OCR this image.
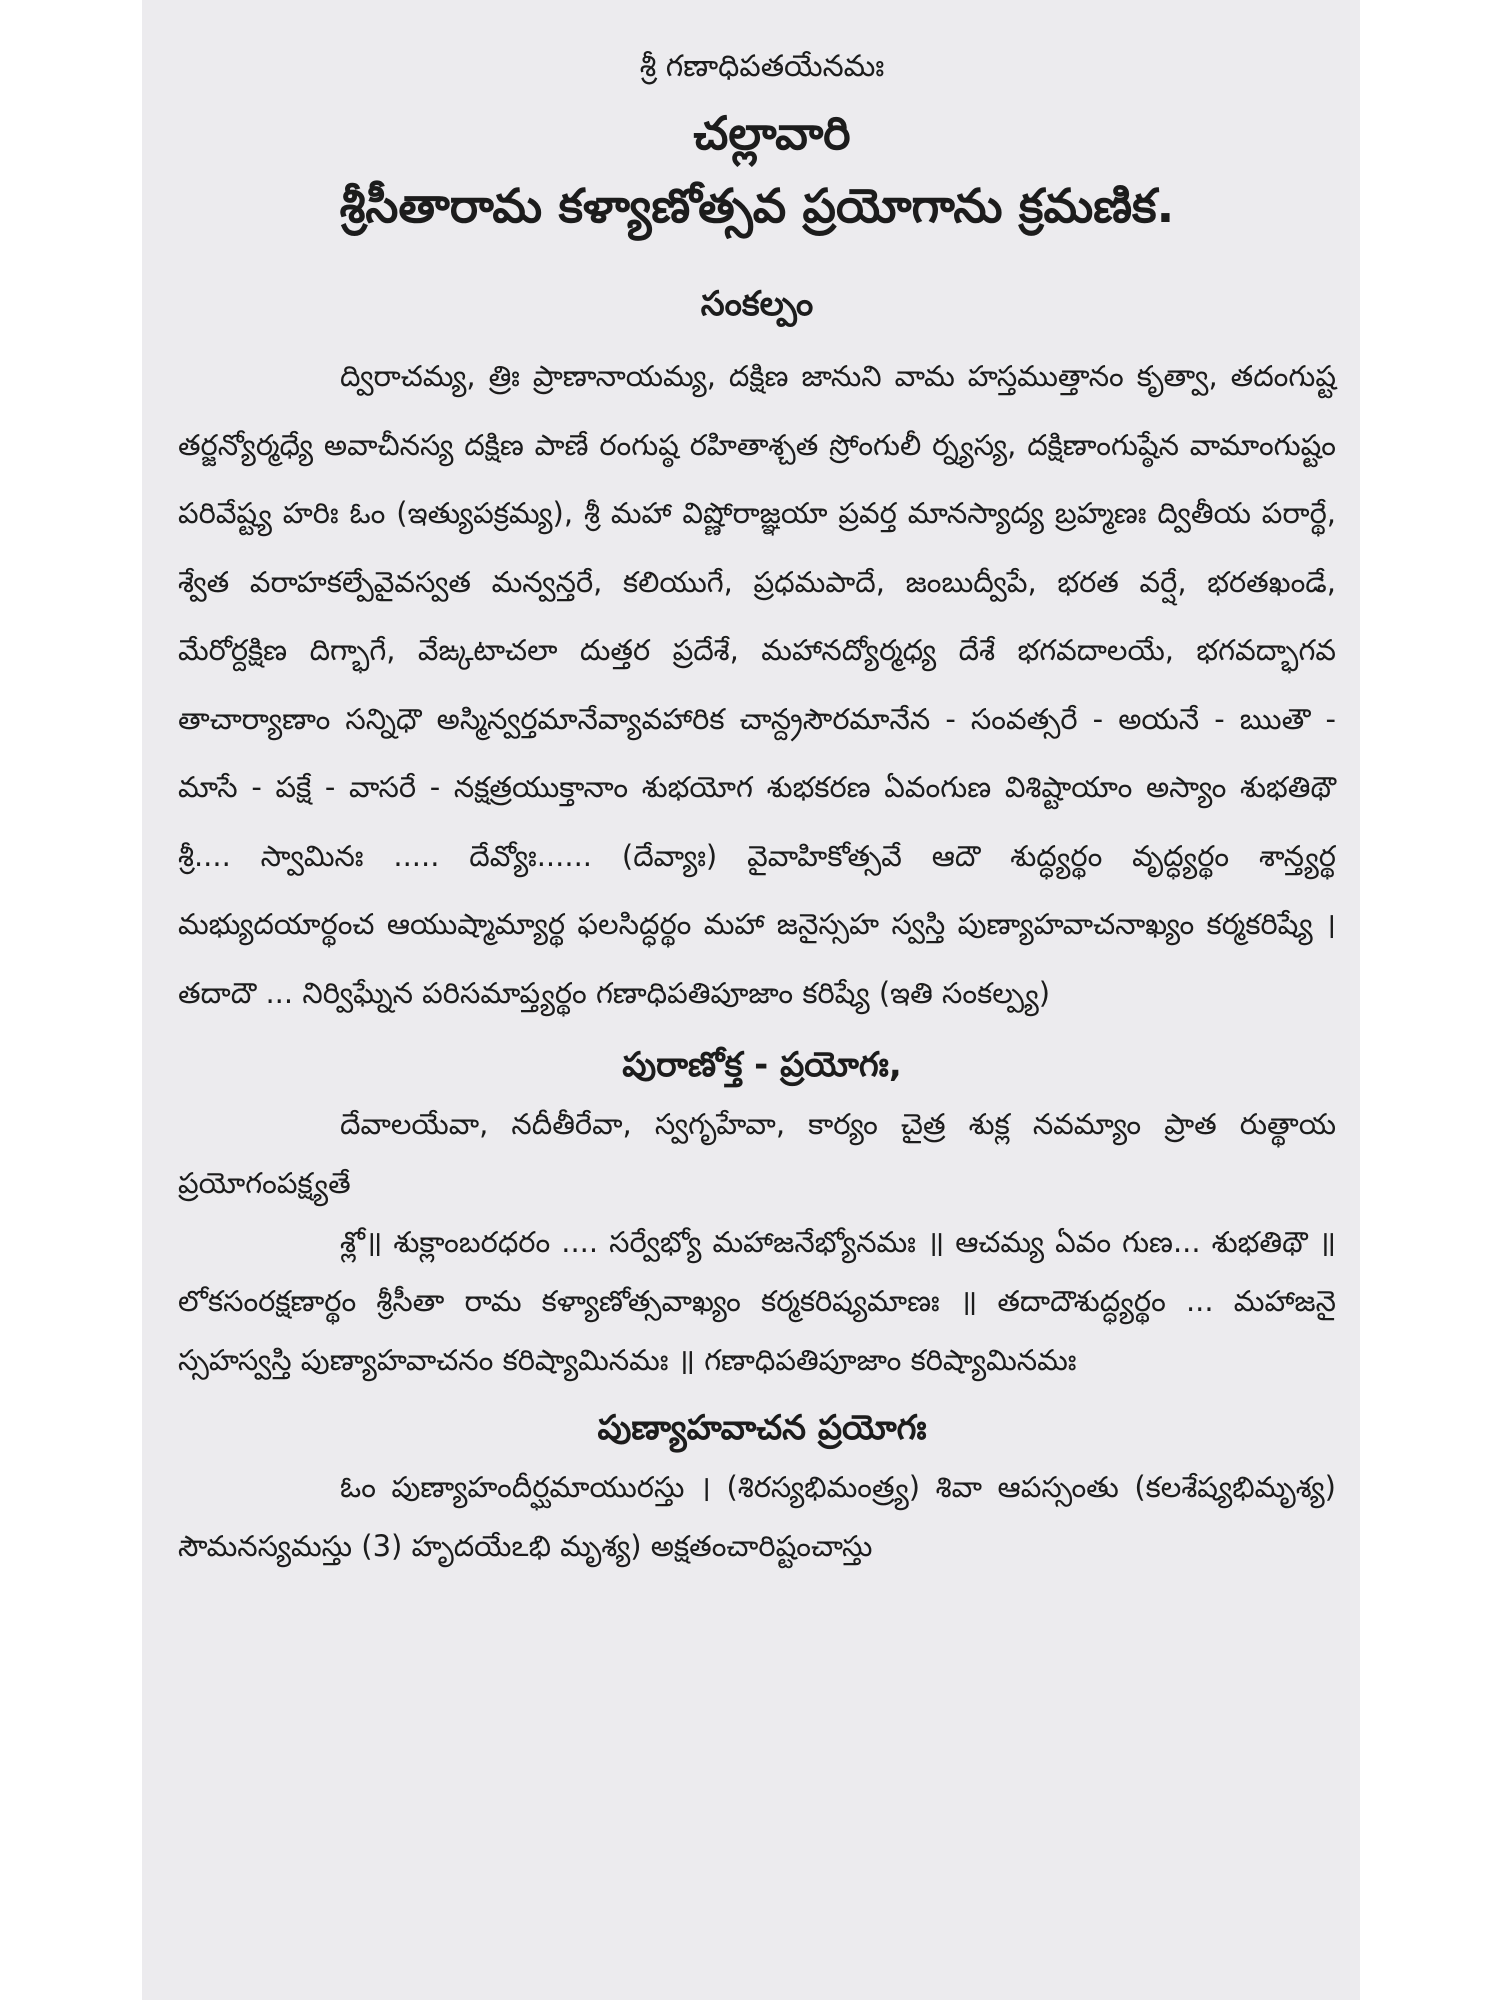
శ్రీ గణాధిపతయేనమః

చల్లావారి
శ్రీసీతారామ కళ్యాణోత్సవ ప్రయోగాను క్రమణిక.
సంకల్పం

ద్విరాచమ్య, త్రిః ప్రాణానాయమ్య, దక్షిణ జానుని వామ హస్తముత్తానం కృత్వా, తదంగుష్ట తర్జన్యోర్మధ్యే అవాచీనస్య దక్షిణ పాణే రంగుష్ఠ రహితాశ్చత స్రోంగులీ ర్న్యస్య, దక్షిణాంగుష్ఠేన వామాంగుష్టం పరివేష్ట్య హరిః ఓం (ఇత్యుపక్రమ్య), శ్రీ మహా విష్ణోరాజ్ఞయా ప్రవర్త మానస్యాద్య బ్రహ్మణః ద్వితీయ పరార్థే, శ్వేత వరాహకల్పేవైవస్వత మన్వన్తరే, కలియుగే, ప్రధమపాదే, జంబుద్వీపే, భరత వర్షే, భరతఖండే, మేరోర్దక్షిణ దిగ్భాగే, వేఙ్కటాచలా దుత్తర ప్రదేశే, మహానద్యోర్మధ్య దేశే భగవదాలయే, భగవద్భాగవ తాచార్యాణాం సన్నిధౌ అస్మిన్వర్తమానేవ్యావహారిక చాన్ద్రసౌరమానేన - సంవత్సరే - అయనే - ఋతౌ - మాసే - పక్షే - వాసరే - నక్షత్రయుక్తానాం శుభయోగ శుభకరణ ఏవంగుణ విశిష్టాయాం అస్యాం శుభతిథౌ శ్రీ.... స్వామినః ..... దేవ్యోః...... (దేవ్యాః) వైవాహికోత్సవే ఆదౌ శుద్ధ్యర్థం వృద్ధ్యర్థం శాన్త్యర్థ మభ్యుదయార్థంచ ఆయుష్మామ్యార్థ ఫలసిద్ధర్థం మహా జనైస్సహ స్వస్తి పుణ్యాహవాచనాఖ్యం కర్మకరిష్యే । తదాదౌ ... నిర్విఘ్నేన పరిసమాప్త్యర్థం గణాధిపతిపూజాం కరిష్యే (ఇతి సంకల్ప్య)

పురాణోక్త - ప్రయోగః,

దేవాలయేవా, నదీతీరేవా, స్వగృహేవా, కార్యం చైత్ర శుక్ల నవమ్యాం ప్రాత రుత్థాయ ప్రయోగంపక్ష్యతే

శ్లో॥ శుక్లాంబరధరం .... సర్వేభ్యో మహాజనేభ్యోనమః ॥ ఆచమ్య ఏవం గుణ... శుభతిథౌ ॥ లోకసంరక్షణార్థం శ్రీసీతా రామ కళ్యాణోత్సవాఖ్యం కర్మకరిష్యమాణః ॥ తదాదౌశుద్ధ్యర్థం ... మహాజనై స్సహస్వస్తి పుణ్యాహవాచనం కరిష్యామినమః ॥ గణాధిపతిపూజాం కరిష్యామినమః

పుణ్యాహవాచన ప్రయోగః

ఓం పుణ్యాహందీర్ఘమాయురస్తు । (శిరస్యభిమంత్ర్య) శివా ఆపస్సంతు (కలశేష్యభిమృశ్య) సౌమనస్యమస్తు (3) హృదయేఽభి మృశ్య) అక్షతంచారిష్టంచాస్తు
